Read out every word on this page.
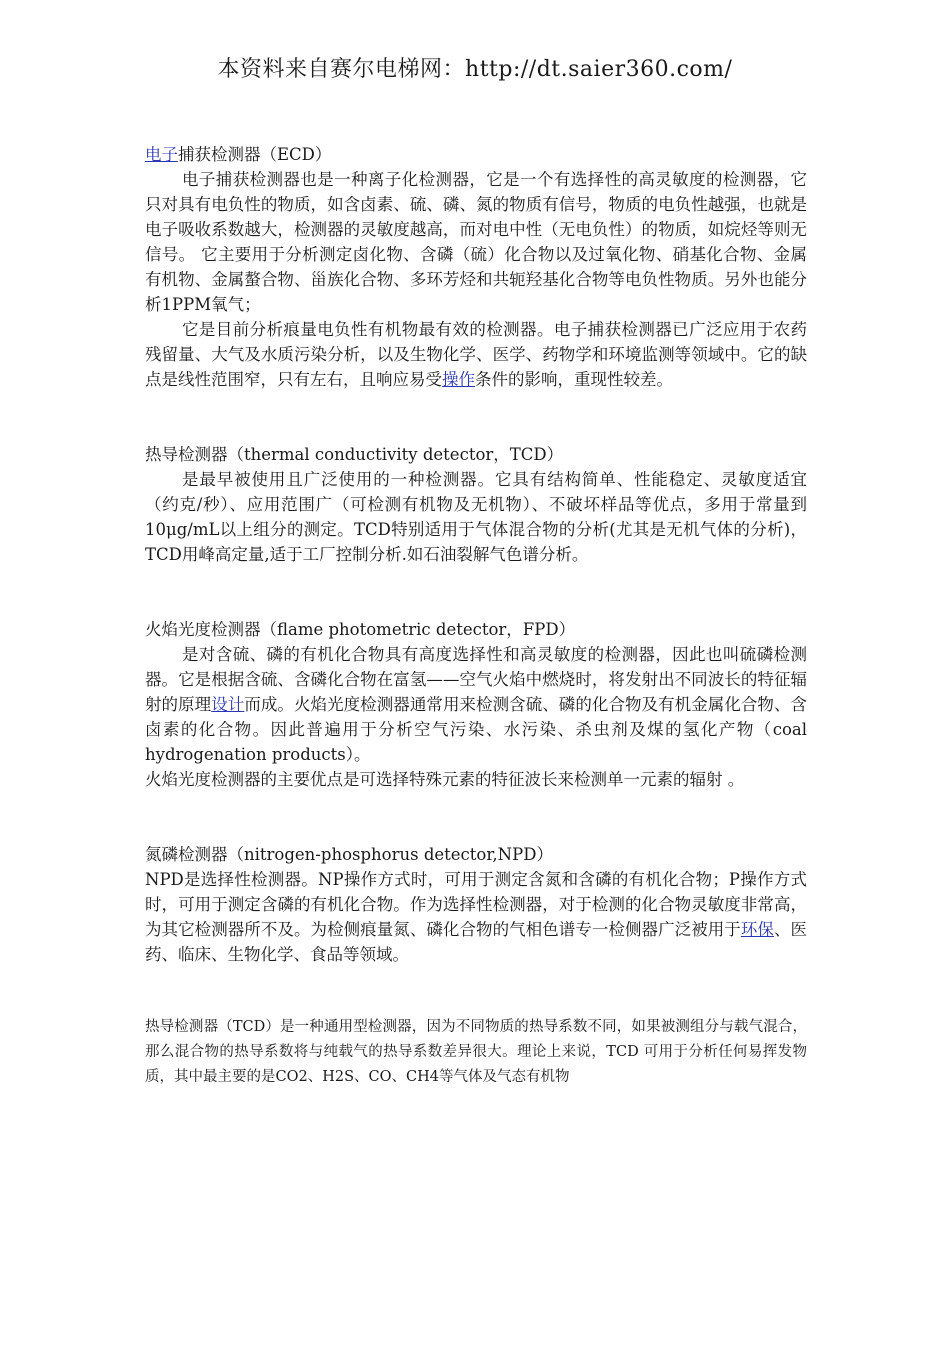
本资料来自赛尔电梯网：http://dt.saier360.com/

电子捕获检测器（ECD）

电子捕获检测器也是一种离子化检测器，它是一个有选择性的高灵敏度的检测器，它只对具有电负性的物质，如含卤素、硫、磷、氮的物质有信号，物质的电负性越强，也就是电子吸收系数越大，检测器的灵敏度越高，而对电中性（无电负性）的物质，如烷烃等则无信号。 它主要用于分析测定卤化物、含磷（硫）化合物以及过氧化物、硝基化合物、金属有机物、金属螯合物、甾族化合物、多环芳烃和共轭羟基化合物等电负性物质。另外也能分析1PPM氧气；

它是目前分析痕量电负性有机物最有效的检测器。电子捕获检测器已广泛应用于农药残留量、大气及水质污染分析，以及生物化学、医学、药物学和环境监测等领域中。它的缺点是线性范围窄，只有左右，且响应易受操作条件的影响，重现性较差。

热导检测器（thermal conductivity detector，TCD）

是最早被使用且广泛使用的一种检测器。它具有结构简单、性能稳定、灵敏度适宜（约克/秒）、应用范围广（可检测有机物及无机物）、不破坏样品等优点，多用于常量到10μg/mL以上组分的测定。TCD特别适用于气体混合物的分析(尤其是无机气体的分析)，TCD用峰高定量,适于工厂控制分析.如石油裂解气色谱分析。

火焰光度检测器（flame photometric detector，FPD）

是对含硫、磷的有机化合物具有高度选择性和高灵敏度的检测器，因此也叫硫磷检测器。它是根据含硫、含磷化合物在富氢——空气火焰中燃烧时，将发射出不同波长的特征辐射的原理设计而成。火焰光度检测器通常用来检测含硫、磷的化合物及有机金属化合物、含卤素的化合物。因此普遍用于分析空气污染、水污染、杀虫剂及煤的氢化产物（coal hydrogenation products）。

火焰光度检测器的主要优点是可选择特殊元素的特征波长来检测单一元素的辐射 。

氮磷检测器（nitrogen-phosphorus detector,NPD）

NPD是选择性检测器。NP操作方式时，可用于测定含氮和含磷的有机化合物；P操作方式时，可用于测定含磷的有机化合物。作为选择性检测器，对于检测的化合物灵敏度非常高，为其它检测器所不及。为检侧痕量氮、磷化合物的气相色谱专一检侧器广泛被用于环保、医药、临床、生物化学、食品等领域。

热导检测器（TCD）是一种通用型检测器，因为不同物质的热导系数不同，如果被测组分与载气混合，那么混合物的热导系数将与纯载气的热导系数差异很大。理论上来说，TCD 可用于分析任何易挥发物质，其中最主要的是CO2、H2S、CO、CH4等气体及气态有机物
